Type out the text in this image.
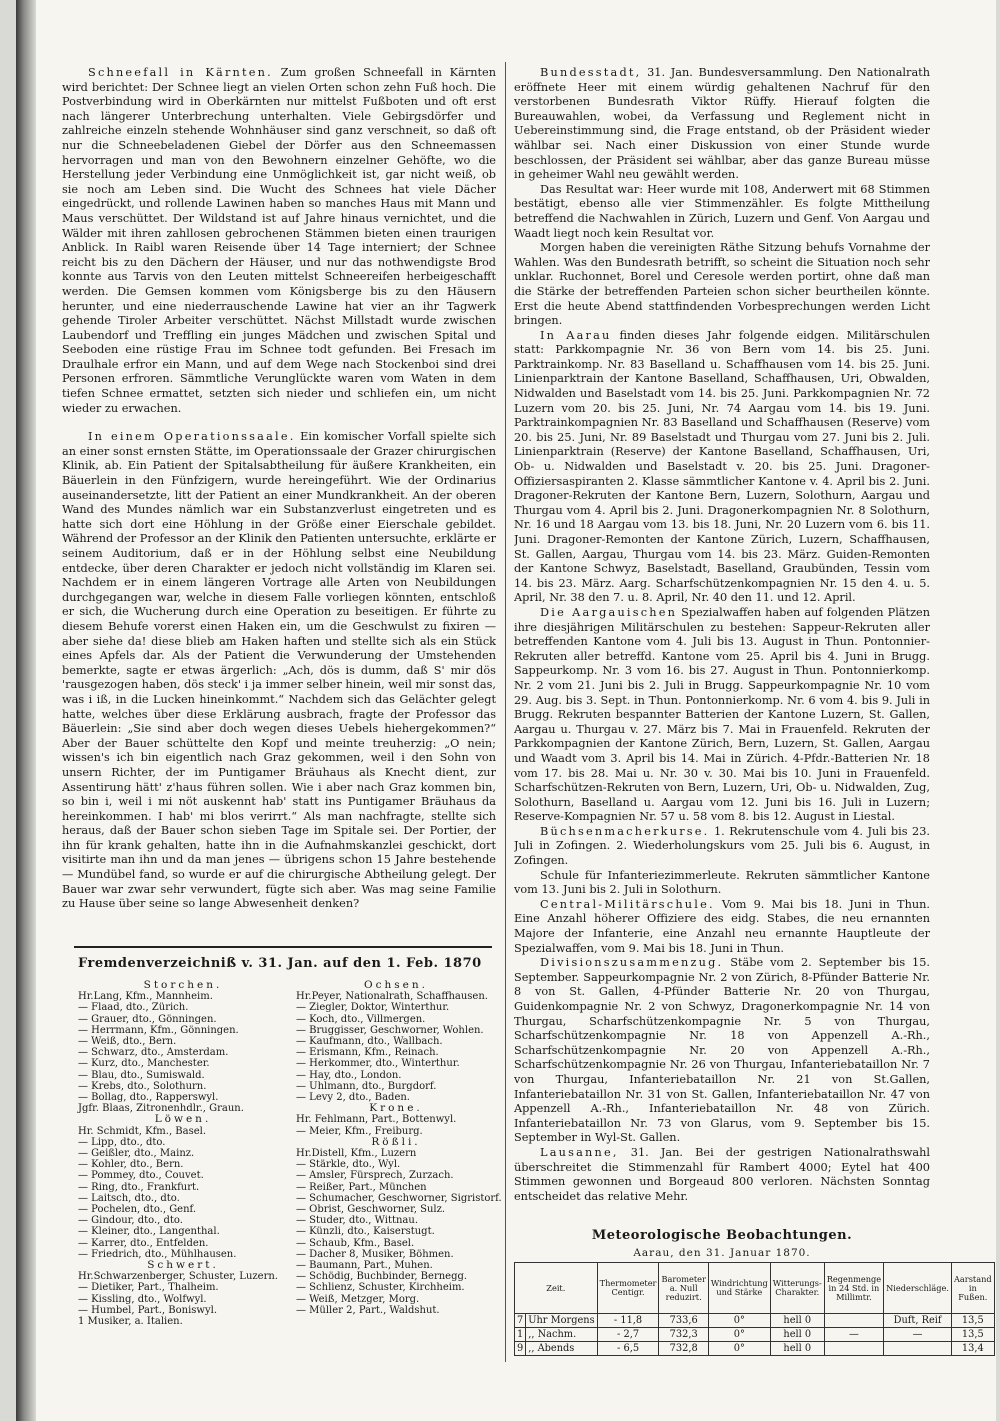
Schneefall in Kärnten. Zum großen Schneefall in Kärnten wird berichtet: Der Schnee liegt an vielen Orten schon zehn Fuß hoch. Die Postverbindung wird in Oberkärnten nur mittelst Fußboten und oft erst nach längerer Unterbrechung unterhalten. Viele Gebirgsdörfer und zahlreiche einzeln stehende Wohnhäuser sind ganz verschneit, so daß oft nur die Schneebeladenen Giebel der Dörfer aus den Schneemassen hervorragen und man von den Bewohnern einzelner Gehöfte, wo die Herstellung jeder Verbindung eine Unmöglichkeit ist, gar nicht weiß, ob sie noch am Leben sind. Die Wucht des Schnees hat viele Dächer eingedrückt, und rollende Lawinen haben so manches Haus mit Mann und Maus verschüttet. Der Wildstand ist auf Jahre hinaus vernichtet, und die Wälder mit ihren zahllosen gebrochenen Stämmen bieten einen traurigen Anblick. In Raibl waren Reisende über 14 Tage interniert; der Schnee reicht bis zu den Dächern der Häuser, und nur das nothwendigste Brod konnte aus Tarvis von den Leuten mittelst Schneereifen herbeigeschafft werden. Die Gemsen kommen vom Königsberge bis zu den Häusern herunter, und eine niederrauschende Lawine hat vier an ihr Tagwerk gehende Tiroler Arbeiter verschüttet. Nächst Millstadt wurde zwischen Laubendorf und Treffling ein junges Mädchen und zwischen Spital und Seeboden eine rüstige Frau im Schnee todt gefunden. Bei Fresach im Draulhale erfror ein Mann, und auf dem Wege nach Stockenboi sind drei Personen erfroren. Sämmtliche Verunglückte waren vom Waten in dem tiefen Schnee ermattet, setzten sich nieder und schliefen ein, um nicht wieder zu erwachen.

In einem Operationssaale. Ein komischer Vorfall spielte sich an einer sonst ernsten Stätte, im Operationssaale der Grazer chirurgischen Klinik, ab. Ein Patient der Spitalsabtheilung für äußere Krankheiten, ein Bäuerlein in den Fünfzigern, wurde hereingeführt. Wie der Ordinarius auseinandersetzte, litt der Patient an einer Mundkrankheit. An der oberen Wand des Mundes nämlich war ein Substanzverlust eingetreten und es hatte sich dort eine Höhlung in der Größe einer Eierschale gebildet. Während der Professor an der Klinik den Patienten untersuchte, erklärte er seinem Auditorium, daß er in der Höhlung selbst eine Neubildung entdecke, über deren Charakter er jedoch nicht vollständig im Klaren sei. Nachdem er in einem längeren Vortrage alle Arten von Neubildungen durchgegangen war, welche in diesem Falle vorliegen könnten, entschloß er sich, die Wucherung durch eine Operation zu beseitigen. Er führte zu diesem Behufe vorerst einen Haken ein, um die Geschwulst zu fixiren — aber siehe da! diese blieb am Haken haften und stellte sich als ein Stück eines Apfels dar. Als der Patient die Verwunderung der Umstehenden bemerkte, sagte er etwas ärgerlich: „Ach, dös is dumm, daß S' mir dös 'rausgezogen haben, dös steck' i ja immer selber hinein, weil mir sonst das, was i iß, in die Lucken hineinkommt.“ Nachdem sich das Gelächter gelegt hatte, welches über diese Erklärung ausbrach, fragte der Professor das Bäuerlein: „Sie sind aber doch wegen dieses Uebels hiehergekommen?“ Aber der Bauer schüttelte den Kopf und meinte treuherzig: „O nein; wissen's ich bin eigentlich nach Graz gekommen, weil i den Sohn von unsern Richter, der im Puntigamer Bräuhaus als Knecht dient, zur Assentirung hätt' z'haus führen sollen. Wie i aber nach Graz kommen bin, so bin i, weil i mi nöt auskennt hab' statt ins Puntigamer Bräuhaus da hereinkommen. I hab' mi blos verirrt.“ Als man nachfragte, stellte sich heraus, daß der Bauer schon sieben Tage im Spitale sei. Der Portier, der ihn für krank gehalten, hatte ihn in die Aufnahmskanzlei geschickt, dort visitirte man ihn und da man jenes — übrigens schon 15 Jahre bestehende — Mundübel fand, so wurde er auf die chirurgische Abtheilung gelegt. Der Bauer war zwar sehr verwundert, fügte sich aber. Was mag seine Familie zu Hause über seine so lange Abwesenheit denken?

Fremdenverzeichniß v. 31. Jan. auf den 1. Feb. 1870
Storchen.
Hr.Lang, Kfm., Mannheim.
— Flaad, dto., Zürich.
— Grauer, dto., Gönningen.
— Herrmann, Kfm., Gönningen.
— Weiß, dto., Bern.
— Schwarz, dto., Amsterdam.
— Kurz, dto., Manchester.
— Blau, dto., Sumiswald.
— Krebs, dto., Solothurn.
— Bollag, dto., Rapperswyl.
Jgfr. Blaas, Zitronenhdlr., Graun.
Löwen.
Hr. Schmidt, Kfm., Basel.
— Lipp, dto., dto.
— Geißler, dto., Mainz.
— Kohler, dto., Bern.
— Pommey, dto., Couvet.
— Ring, dto., Frankfurt.
— Laitsch, dto., dto.
— Pochelen, dto., Genf.
— Gindour, dto., dto.
— Kleiner, dto., Langenthal.
— Karrer, dto., Entfelden.
— Friedrich, dto., Mühlhausen.
Schwert.
Hr.Schwarzenberger, Schuster, Luzern.
— Dietiker, Part., Thalheim.
— Kissling, dto., Wolfwyl.
— Humbel, Part., Boniswyl.
1 Musiker, a. Italien.
Ochsen.
Hr.Peyer, Nationalrath, Schaffhausen.
— Ziegler, Doktor, Winterthur.
— Koch, dto., Villmergen.
— Bruggisser, Geschworner, Wohlen.
— Kaufmann, dto., Wallbach.
— Erismann, Kfm., Reinach.
— Herkommer, dto., Winterthur.
— Hay, dto., London.
— Uhlmann, dto., Burgdorf.
— Levy 2, dto., Baden.
Krone.
Hr. Fehlmann, Part., Bottenwyl.
— Meier, Kfm., Freiburg.
Rößli.
Hr.Distell, Kfm., Luzern
— Stärkle, dto., Wyl.
— Amsler, Fürsprech, Zurzach.
— Reißer, Part., München
— Schumacher, Geschworner, Sigristorf.
— Obrist, Geschworner, Sulz.
— Studer, dto., Wittnau.
— Künzli, dto., Kaiserstugt.
— Schaub, Kfm., Basel.
— Dacher 8, Musiker, Böhmen.
— Baumann, Part., Muhen.
— Schödig, Buchbinder, Bernegg.
— Schlienz, Schuster, Kirchheim.
— Weiß, Metzger, Morg.
— Müller 2, Part., Waldshut.

Bundesstadt, 31. Jan. Bundesversammlung. Den Nationalrath eröffnete Heer mit einem würdig gehaltenen Nachruf für den verstorbenen Bundesrath Viktor Rüffy. Hierauf folgten die Bureauwahlen, wobei, da Verfassung und Reglement nicht in Uebereinstimmung sind, die Frage entstand, ob der Präsident wieder wählbar sei. Nach einer Diskussion von einer Stunde wurde beschlossen, der Präsident sei wählbar, aber das ganze Bureau müsse in geheimer Wahl neu gewählt werden.

Das Resultat war: Heer wurde mit 108, Anderwert mit 68 Stimmen bestätigt, ebenso alle vier Stimmenzähler. Es folgte Mittheilung betreffend die Nachwahlen in Zürich, Luzern und Genf. Von Aargau und Waadt liegt noch kein Resultat vor.

Morgen haben die vereinigten Räthe Sitzung behufs Vornahme der Wahlen. Was den Bundesrath betrifft, so scheint die Situation noch sehr unklar. Ruchonnet, Borel und Ceresole werden portirt, ohne daß man die Stärke der betreffenden Parteien schon sicher beurtheilen könnte. Erst die heute Abend stattfindenden Vorbesprechungen werden Licht bringen.

In Aarau finden dieses Jahr folgende eidgen. Militärschulen statt: Parkkompagnie Nr. 36 von Bern vom 14. bis 25. Juni. Parktrainkomp. Nr. 83 Baselland u. Schaffhausen vom 14. bis 25. Juni. Linienparktrain der Kantone Baselland, Schaffhausen, Uri, Obwalden, Nidwalden und Baselstadt vom 14. bis 25. Juni. Parkkompagnien Nr. 72 Luzern vom 20. bis 25. Juni, Nr. 74 Aargau vom 14. bis 19. Juni. Parktrainkompagnien Nr. 83 Baselland und Schaffhausen (Reserve) vom 20. bis 25. Juni, Nr. 89 Baselstadt und Thurgau vom 27. Juni bis 2. Juli. Linienparktrain (Reserve) der Kantone Baselland, Schaffhausen, Uri, Ob- u. Nidwalden und Baselstadt v. 20. bis 25. Juni. Dragoner-Offiziersaspiranten 2. Klasse sämmtlicher Kantone v. 4. April bis 2. Juni. Dragoner-Rekruten der Kantone Bern, Luzern, Solothurn, Aargau und Thurgau vom 4. April bis 2. Juni. Dragonerkompagnien Nr. 8 Solothurn, Nr. 16 und 18 Aargau vom 13. bis 18. Juni, Nr. 20 Luzern vom 6. bis 11. Juni. Dragoner-Remonten der Kantone Zürich, Luzern, Schaffhausen, St. Gallen, Aargau, Thurgau vom 14. bis 23. März. Guiden-Remonten der Kantone Schwyz, Baselstadt, Baselland, Graubünden, Tessin vom 14. bis 23. März. Aarg. Scharfschützenkompagnien Nr. 15 den 4. u. 5. April, Nr. 38 den 7. u. 8. April, Nr. 40 den 11. und 12. April.

Die Aargauischen Spezialwaffen haben auf folgenden Plätzen ihre diesjährigen Militärschulen zu bestehen: Sappeur-Rekruten aller betreffenden Kantone vom 4. Juli bis 13. August in Thun. Pontonnier-Rekruten aller betreffd. Kantone vom 25. April bis 4. Juni in Brugg. Sappeurkomp. Nr. 3 vom 16. bis 27. August in Thun. Pontonnierkomp. Nr. 2 vom 21. Juni bis 2. Juli in Brugg. Sappeurkompagnie Nr. 10 vom 29. Aug. bis 3. Sept. in Thun. Pontonnierkomp. Nr. 6 vom 4. bis 9. Juli in Brugg. Rekruten bespannter Batterien der Kantone Luzern, St. Gallen, Aargau u. Thurgau v. 27. März bis 7. Mai in Frauenfeld. Rekruten der Parkkompagnien der Kantone Zürich, Bern, Luzern, St. Gallen, Aargau und Waadt vom 3. April bis 14. Mai in Zürich. 4-Pfdr.-Batterien Nr. 18 vom 17. bis 28. Mai u. Nr. 30 v. 30. Mai bis 10. Juni in Frauenfeld. Scharfschützen-Rekruten von Bern, Luzern, Uri, Ob- u. Nidwalden, Zug, Solothurn, Baselland u. Aargau vom 12. Juni bis 16. Juli in Luzern; Reserve-Kompagnien Nr. 57 u. 58 vom 8. bis 12. August in Liestal.

Büchsenmacherkurse. 1. Rekrutenschule vom 4. Juli bis 23. Juli in Zofingen. 2. Wiederholungskurs vom 25. Juli bis 6. August, in Zofingen.

Schule für Infanteriezimmerleute. Rekruten sämmtlicher Kantone vom 13. Juni bis 2. Juli in Solothurn.

Central-Militärschule. Vom 9. Mai bis 18. Juni in Thun. Eine Anzahl höherer Offiziere des eidg. Stabes, die neu ernannten Majore der Infanterie, eine Anzahl neu ernannte Hauptleute der Spezialwaffen, vom 9. Mai bis 18. Juni in Thun.

Divisionszusammenzug. Stäbe vom 2. September bis 15. September. Sappeurkompagnie Nr. 2 von Zürich, 8-Pfünder Batterie Nr. 8 von St. Gallen, 4-Pfünder Batterie Nr. 20 von Thurgau, Guidenkompagnie Nr. 2 von Schwyz, Dragonerkompagnie Nr. 14 von Thurgau, Scharfschützenkompagnie Nr. 5 von Thurgau, Scharfschützenkompagnie Nr. 18 von Appenzell A.-Rh., Scharfschützenkompagnie Nr. 20 von Appenzell A.-Rh., Scharfschützenkompagnie Nr. 26 von Thurgau, Infanteriebataillon Nr. 7 von Thurgau, Infanteriebataillon Nr. 21 von St.Gallen, Infanteriebataillon Nr. 31 von St. Gallen, Infanteriebataillon Nr. 47 von Appenzell A.-Rh., Infanteriebataillon Nr. 48 von Zürich. Infanteriebataillon Nr. 73 von Glarus, vom 9. September bis 15. September in Wyl-St. Gallen.

Lausanne, 31. Jan. Bei der gestrigen Nationalrathswahl überschreitet die Stimmenzahl für Rambert 4000; Eytel hat 400 Stimmen gewonnen und Borgeaud 800 verloren. Nächsten Sonntag entscheidet das relative Mehr.

Meteorologische Beobachtungen.
Aarau, den 31. Januar 1870.
Zeit.		Thermometer Centigr.	Barometer a. Null reduzirt.	Windrichtung und Stärke	Witterungs-Charakter.	Regenmenge in 24 Std. in Millimtr.	Niederschläge.	Aarstand in Fußen.
7	Uhr Morgens	- 11,8	733,6	0°	hell 0		Duft, Reif	13,5
1	,, Nachm.	- 2,7	732,3	0°	hell 0	—	—	13,5
9	,, Abends	- 6,5	732,8	0°	hell 0			13,4
